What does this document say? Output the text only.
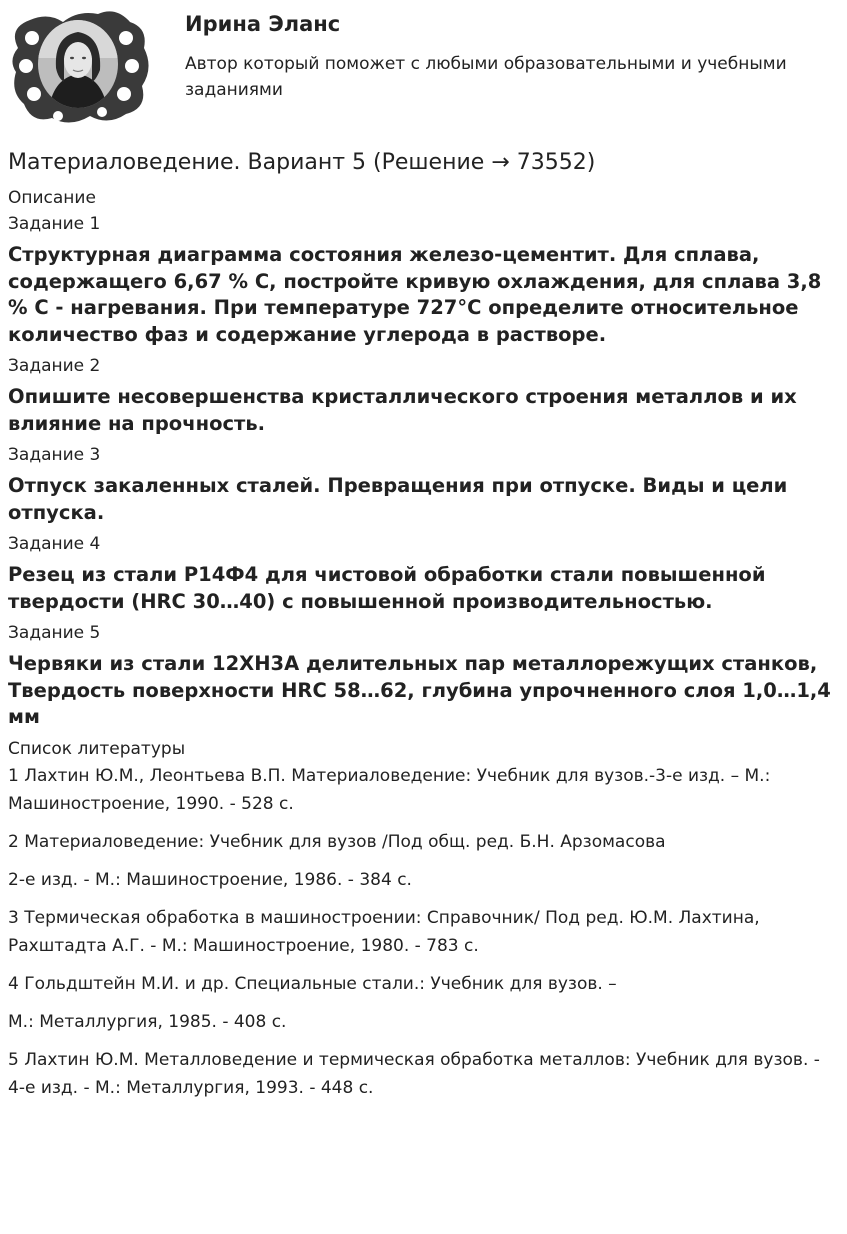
Ирина Эланс
Автор который поможет с любыми образовательными и учебными заданиями
Материаловедение. Вариант 5 (Решение → 73552)

Описание

Задание 1

Структурная диаграмма состояния железо-цементит. Для сплава, содержащего 6,67 % С, постройте кривую охлаждения, для сплава 3,8 % С - нагревания. При температуре 727°С определите относительное количество фаз и содержание углерода в растворе.

Задание 2

Опишите несовершенства кристаллического строения металлов и их влияние на прочность.

Задание 3

Отпуск закаленных сталей. Превращения при отпуске. Виды и цели отпуска.

Задание 4

Резец из стали Р14Ф4 для чистовой обработки стали повышенной твердости (HRC 30…40) с повышенной производительностью.

Задание 5

Червяки из стали 12ХН3А делительных пар металлорежущих станков, Твердость поверхности HRC 58…62, глубина упрочненного слоя 1,0…1,4 мм

Список литературы

1 Лахтин Ю.М., Леонтьева В.П. Материаловедение: Учебник для вузов.-3-е изд. – М.: Машиностроение, 1990. - 528 с.

2 Материаловедение: Учебник для вузов /Под общ. ред. Б.Н. Арзомасова

2-е изд. - М.: Машиностроение, 1986. - 384 с.

3 Термическая обработка в машиностроении: Справочник/ Под ред. Ю.М. Лахтина, Рахштадта А.Г. - М.: Машиностроение, 1980. - 783 с.

4 Гольдштейн М.И. и др. Специальные стали.: Учебник для вузов. –

М.: Металлургия, 1985. - 408 с.

5 Лахтин Ю.М. Металловедение и термическая обработка металлов: Учебник для вузов. - 4-е изд. - М.: Металлургия, 1993. - 448 с.
